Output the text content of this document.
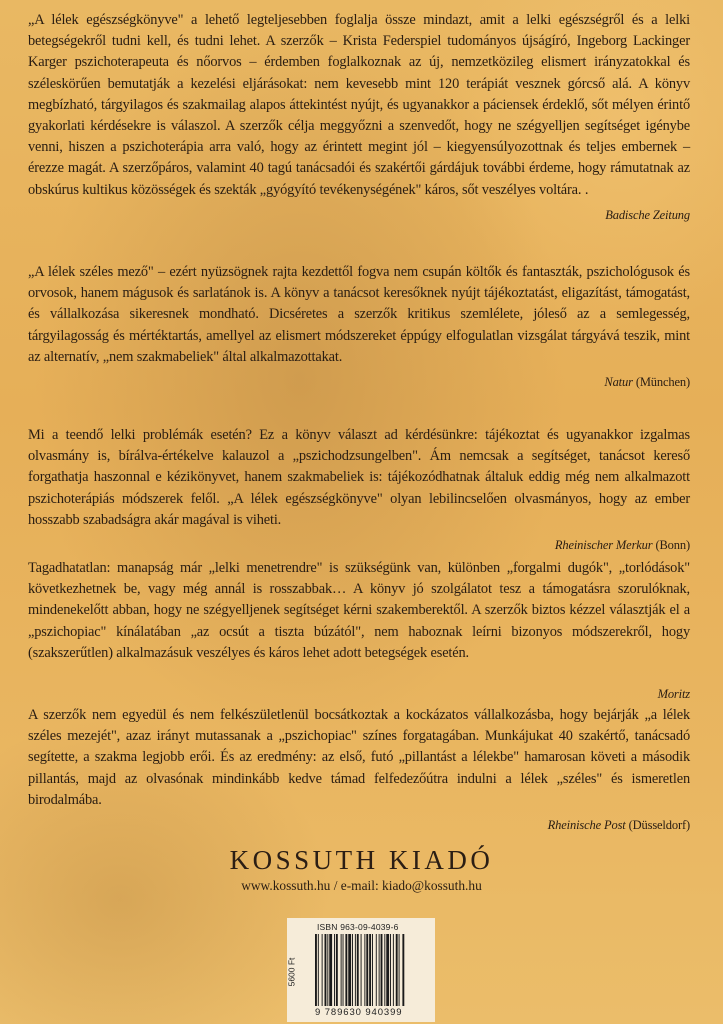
„A lélek egészségkönyve" a lehető legteljesebben foglalja össze mindazt, amit a lelki egészségről és a lelki betegségekről tudni kell, és tudni lehet. A szerzők – Krista Federspiel tudományos újságíró, Ingeborg Lackinger Karger pszichoterapeuta és nőorvos – érdemben foglalkoznak az új, nemzetközileg elismert irányzatokkal és széleskörűen bemutatják a kezelési eljárásokat: nem kevesebb mint 120 terápiát vesznek górcső alá. A könyv megbízható, tárgyilagos és szakmailag alapos áttekintést nyújt, és ugyanakkor a páciensek érdeklő, sőt mélyen érintő gyakorlati kérdésekre is válaszol. A szerzők célja meggyőzni a szenvedőt, hogy ne szégyelljen segítséget igénybe venni, hiszen a pszichoterápia arra való, hogy az érintett megint jól – kiegyensúlyozottnak és teljes embernek – érezze magát. A szerzőpáros, valamint 40 tagú tanácsadói és szakértői gárdájuk további érdeme, hogy rámutatnak az obskúrus kultikus közösségek és szekták „gyógyító tevékenységének" káros, sőt veszélyes voltára. .

Badische Zeitung

„A lélek széles mező" – ezért nyüzsögnek rajta kezdettől fogva nem csupán költők és fantaszták, pszichológusok és orvosok, hanem mágusok és sarlatánok is. A könyv a tanácsot keresőknek nyújt tájékoztatást, eligazítást, támogatást, és vállalkozása sikeresnek mondható. Dicséretes a szerzők kritikus szemlélete, jóleső az a semlegesség, tárgyilagosság és mértéktartás, amellyel az elismert módszereket éppúgy elfogulatlan vizsgálat tárgyává teszik, mint az alternatív, „nem szakmabeliek" által alkalmazottakat.

Natur (München)

Mi a teendő lelki problémák esetén? Ez a könyv választ ad kérdésünkre: tájékoztat és ugyanakkor izgalmas olvasmány is, bírálva-értékelve kalauzol a „pszichodzsungelben". Ám nemcsak a segítséget, tanácsot kereső forgathatja haszonnal e kézikönyvet, hanem szakmabeliek is: tájékozódhatnak általuk eddig még nem alkalmazott pszichoterápiás módszerek felől. „A lélek egészségkönyve" olyan lebilincselően olvasmányos, hogy az ember hosszabb szabadságra akár magával is viheti.

Rheinischer Merkur (Bonn)

Tagadhatatlan: manapság már „lelki menetrendre" is szükségünk van, különben „forgalmi dugók", „torlódások" következhetnek be, vagy még annál is rosszabbak… A könyv jó szolgálatot tesz a támogatásra szorulóknak, mindenekelőtt abban, hogy ne szégyelljenek segítséget kérni szakemberektől. A szerzők biztos kézzel választják el a „pszichopiac" kínálatában „az ocsút a tiszta búzától", nem haboznak leírni bizonyos módszerekről, hogy (szakszerűtlen) alkalmazásuk veszélyes és káros lehet adott betegségek esetén.

Moritz

A szerzők nem egyedül és nem felkészületlenül bocsátkoztak a kockázatos vállalkozásba, hogy bejárják „a lélek széles mezejét", azaz irányt mutassanak a „pszichopiac" színes forgatagában. Munkájukat 40 szakértő, tanácsadó segítette, a szakma legjobb erői. És az eredmény: az első, futó „pillantást a lélekbe" hamarosan követi a második pillantás, majd az olvasónak mindinkább kedve támad felfedezőútra indulni a lélek „széles" és ismeretlen birodalmába.

Rheinische Post (Düsseldorf)
KOSSUTH KIADÓ
www.kossuth.hu / e-mail: kiado@kossuth.hu
5600 Ft
ISBN 963-09-4039-6
9 789630 940399
